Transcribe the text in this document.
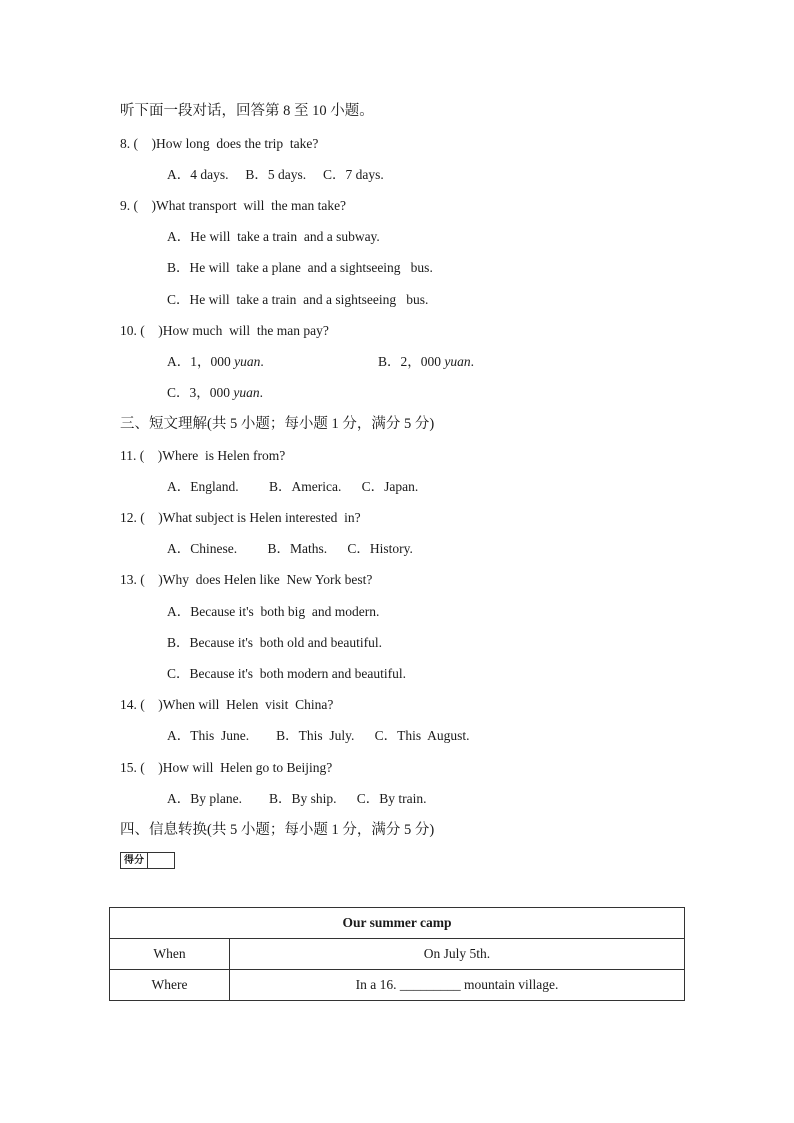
听下面一段对话，回答第 8 至 10 小题。
8. (    )How long  does the trip  take?
A．4 days.     B．5 days.     C．7 days.
9. (    )What transport  will  the man take?
A．He will  take a train  and a subway.
B．He will  take a plane  and a sightseeing   bus.
C．He will  take a train  and a sightseeing   bus.
10. (    )How much  will  the man pay?
A．1，000 yuan.	B．2，000 yuan.
C．3，000 yuan.
三、短文理解(共 5 小题；每小题 1 分，满分 5 分)
11. (    )Where  is Helen from?
A．England.         B．America.      C．Japan.
12. (    )What subject is Helen interested  in?
A．Chinese.         B．Maths.      C．History.
13. (    )Why  does Helen like  New York best?
A．Because it's  both big  and modern.
B．Because it's  both old and beautiful.
C．Because it's  both modern and beautiful.
14. (    )When will  Helen  visit  China?
A．This  June.        B．This  July.      C．This  August.
15. (    )How will  Helen go to Beijing?
A．By plane.        B．By ship.      C．By train.
四、信息转换(共 5 小题；每小题 1 分，满分 5 分)
得分
Our summer camp	
When	On July 5th.
Where	In a 16. _________ mountain village.
